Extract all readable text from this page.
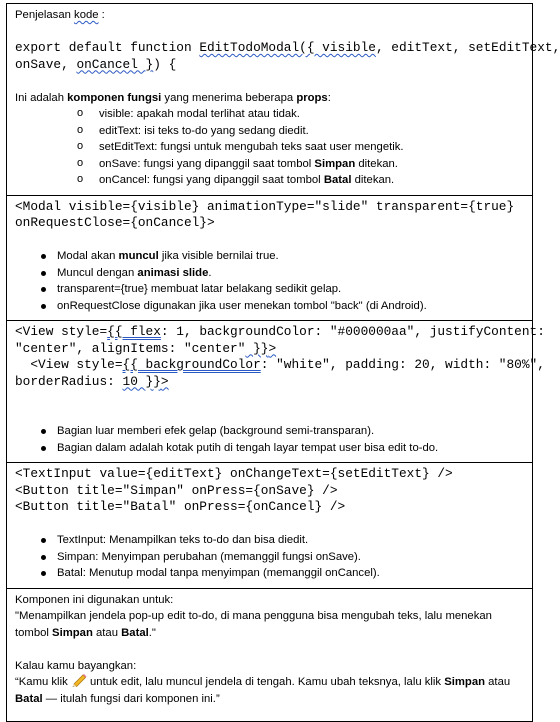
Penjelasan kode :
export default function EditTodoModal({ visible, editText, setEditText,
onSave, onCancel }) {
Ini adalah komponen fungsi yang menerima beberapa props:
o visible: apakah modal terlihat atau tidak.
o editText: isi teks to-do yang sedang diedit.
o setEditText: fungsi untuk mengubah teks saat user mengetik.
o onSave: fungsi yang dipanggil saat tombol Simpan ditekan.
o onCancel: fungsi yang dipanggil saat tombol Batal ditekan.
<Modal visible={visible} animationType="slide" transparent={true}
onRequestClose={onCancel}>
Modal akan muncul jika visible bernilai true.
Muncul dengan animasi slide.
transparent={true} membuat latar belakang sedikit gelap.
onRequestClose digunakan jika user menekan tombol "back" (di Android).
<View style={{ flex: 1, backgroundColor: "#000000aa", justifyContent:
"center", alignItems: "center" }}>
<View style={{ backgroundColor: "white", padding: 20, width: "80%",
borderRadius: 10 }}>
Bagian luar memberi efek gelap (background semi-transparan).
Bagian dalam adalah kotak putih di tengah layar tempat user bisa edit to-do.
<TextInput value={editText} onChangeText={setEditText} />
<Button title="Simpan" onPress={onSave} />
<Button title="Batal" onPress={onCancel} />
TextInput: Menampilkan teks to-do dan bisa diedit.
Simpan: Menyimpan perubahan (memanggil fungsi onSave).
Batal: Menutup modal tanpa menyimpan (memanggil onCancel).
Komponen ini digunakan untuk:
"Menampilkan jendela pop-up edit to-do, di mana pengguna bisa mengubah teks, lalu menekan tombol Simpan atau Batal."
Kalau kamu bayangkan:
“Kamu klik  untuk edit, lalu muncul jendela di tengah. Kamu ubah teksnya, lalu klik Simpan atau Batal — itulah fungsi dari komponen ini.”
